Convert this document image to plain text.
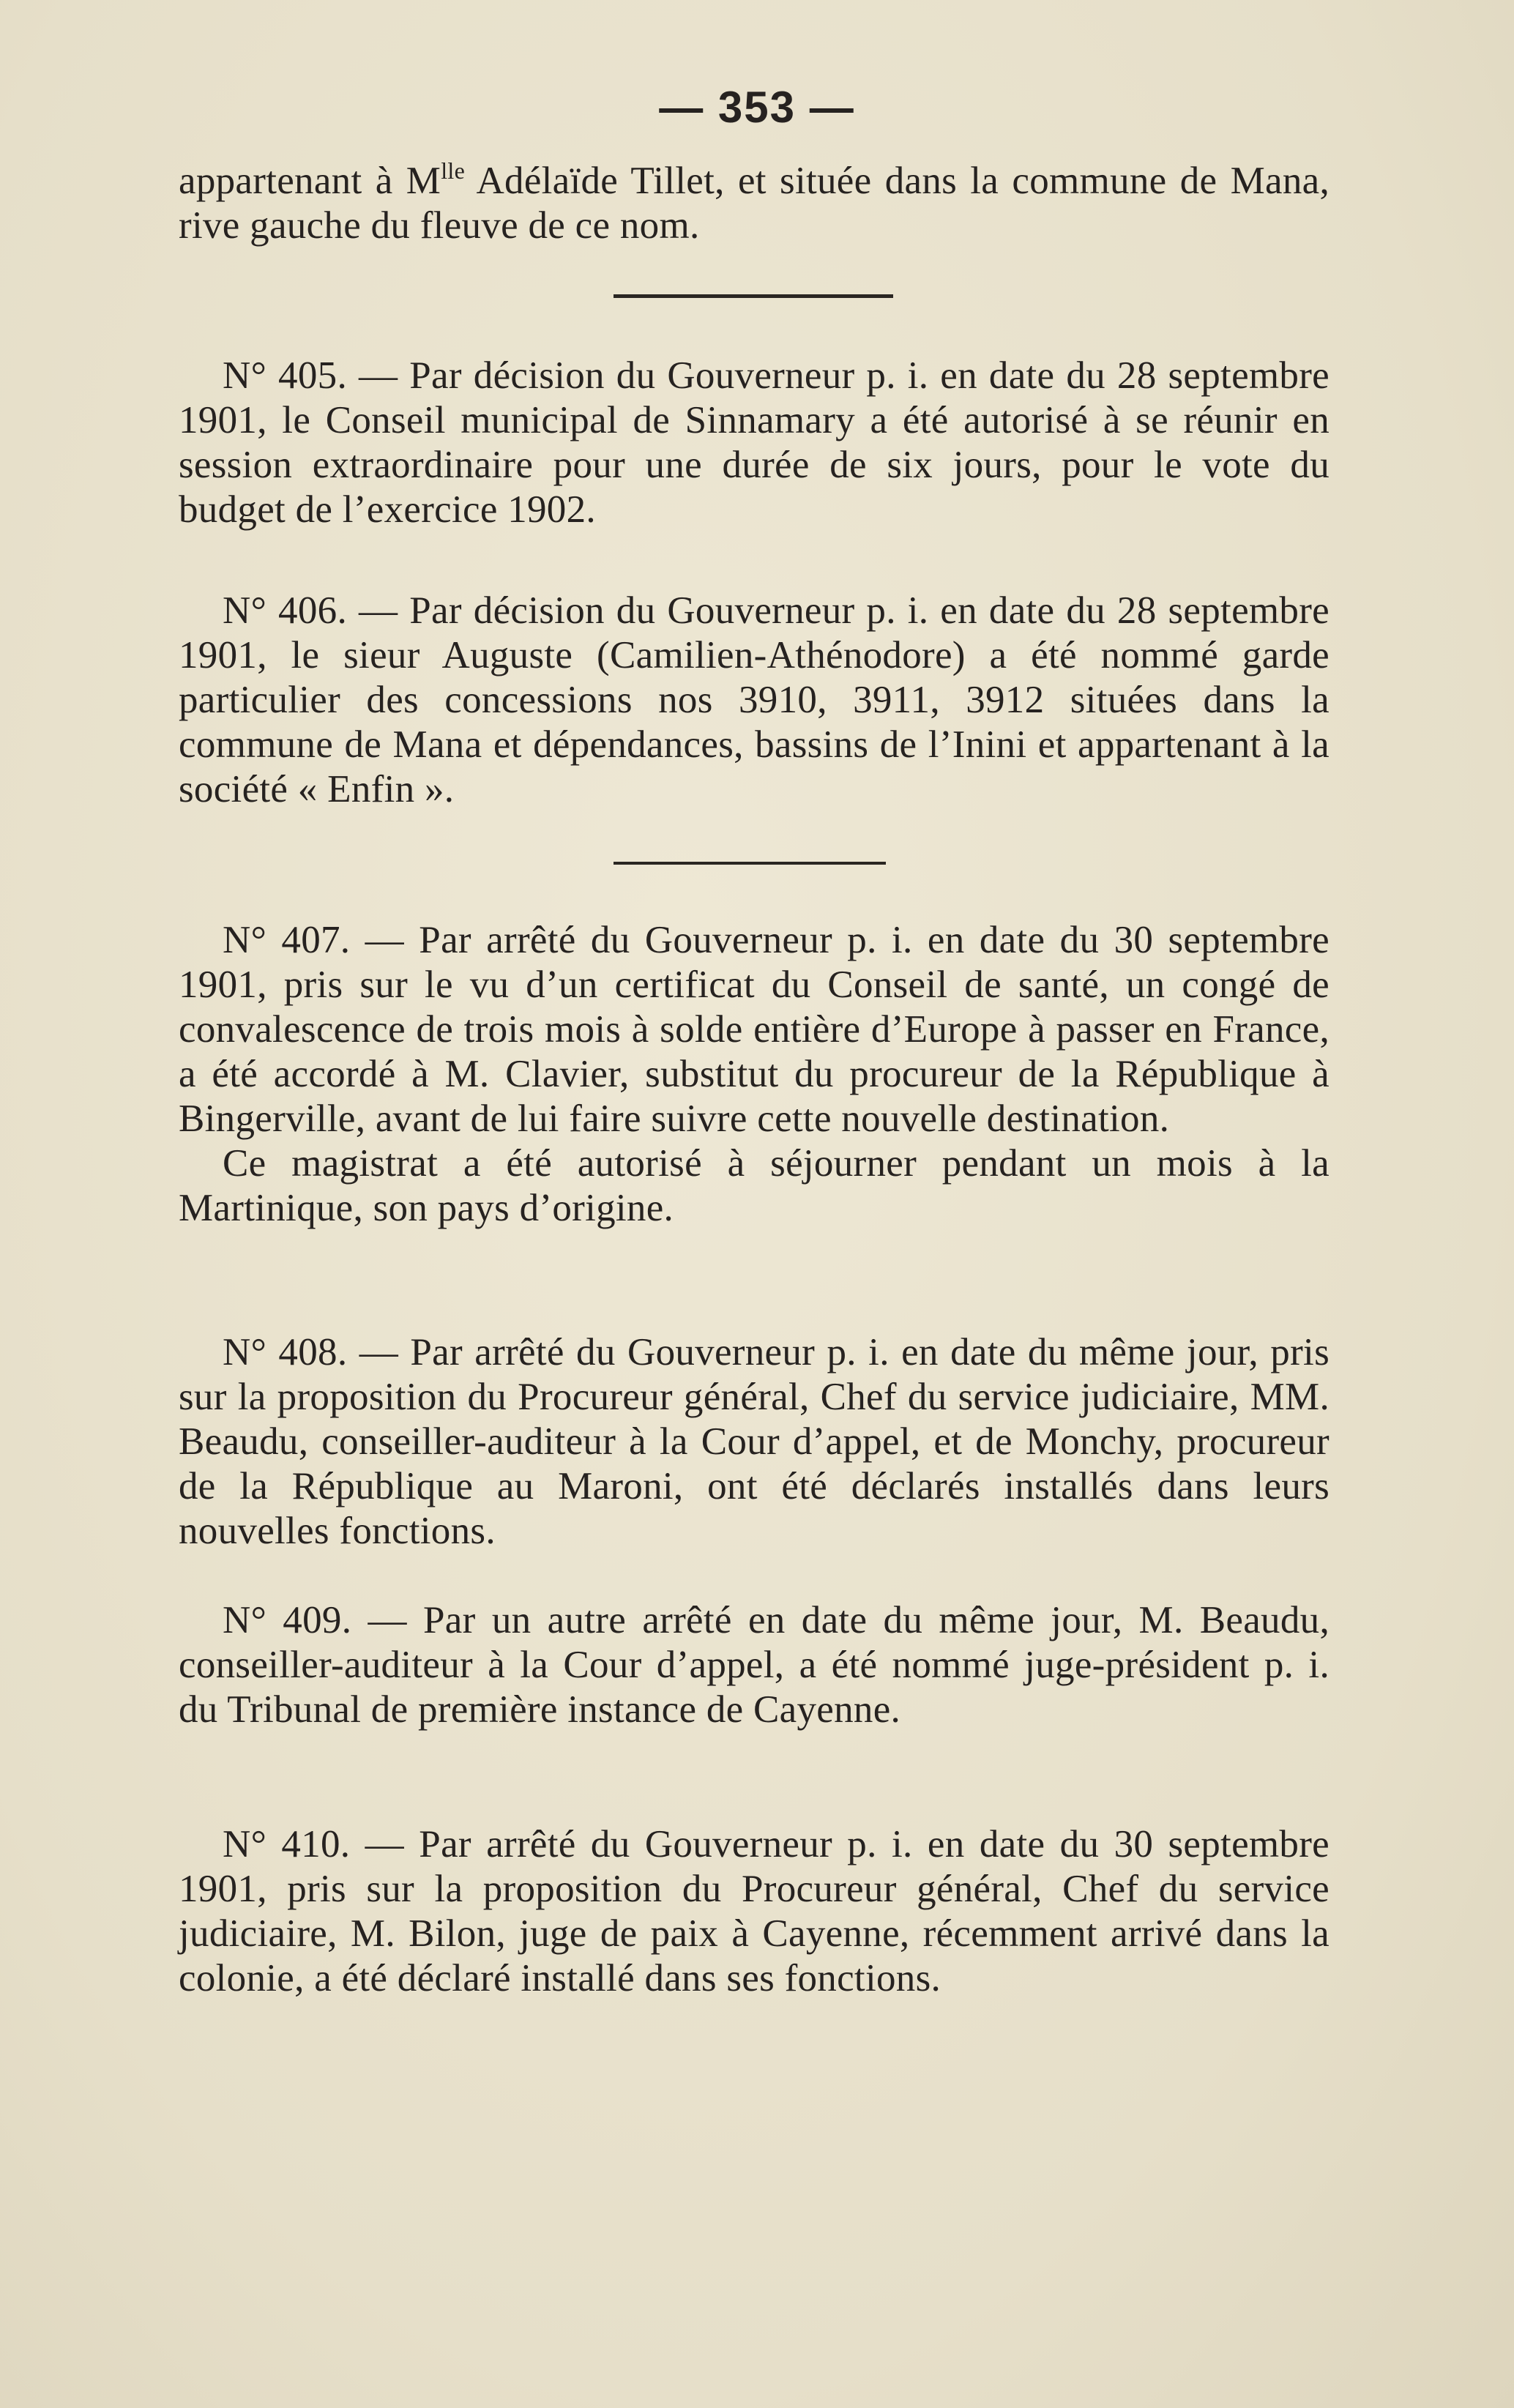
— 353 —

appartenant à $M^{lle}$ Adélaïde Tillet, et située dans la commune de Mana, rive gauche du fleuve de ce nom.

N° 405. — Par décision du Gouverneur p. i. en date du 28 septembre 1901, le Conseil municipal de Sinnamary a été autorisé à se réunir en session extraordinaire pour une durée de six jours, pour le vote du budget de l’exercice 1902.

N° 406. — Par décision du Gouverneur p. i. en date du 28 septembre 1901, le sieur Auguste (Camilien-Athénodore) a été nommé garde particulier des concessions nos 3910, 3911, 3912 situées dans la commune de Mana et dépendances, bassins de l’Inini et appartenant à la société « Enfin ».

N° 407. — Par arrêté du Gouverneur p. i. en date du 30 septembre 1901, pris sur le vu d’un certificat du Conseil de santé, un congé de convalescence de trois mois à solde entière d’Europe à passer en France, a été accordé à M. Clavier, substitut du procureur de la République à Bingerville, avant de lui faire suivre cette nouvelle destination.

Ce magistrat a été autorisé à séjourner pendant un mois à la Martinique, son pays d’origine.

N° 408. — Par arrêté du Gouverneur p. i. en date du même jour, pris sur la proposition du Procureur général, Chef du service judiciaire, MM. Beaudu, conseiller-auditeur à la Cour d’appel, et de Monchy, procureur de la République au Maroni, ont été déclarés installés dans leurs nouvelles fonctions.

N° 409. — Par un autre arrêté en date du même jour, M. Beaudu, conseiller-auditeur à la Cour d’appel, a été nommé juge-président p. i. du Tribunal de première instance de Cayenne.

N° 410. — Par arrêté du Gouverneur p. i. en date du 30 septembre 1901, pris sur la proposition du Procureur général, Chef du service judiciaire, M. Bilon, juge de paix à Cayenne, récemment arrivé dans la colonie, a été déclaré installé dans ses fonctions.
